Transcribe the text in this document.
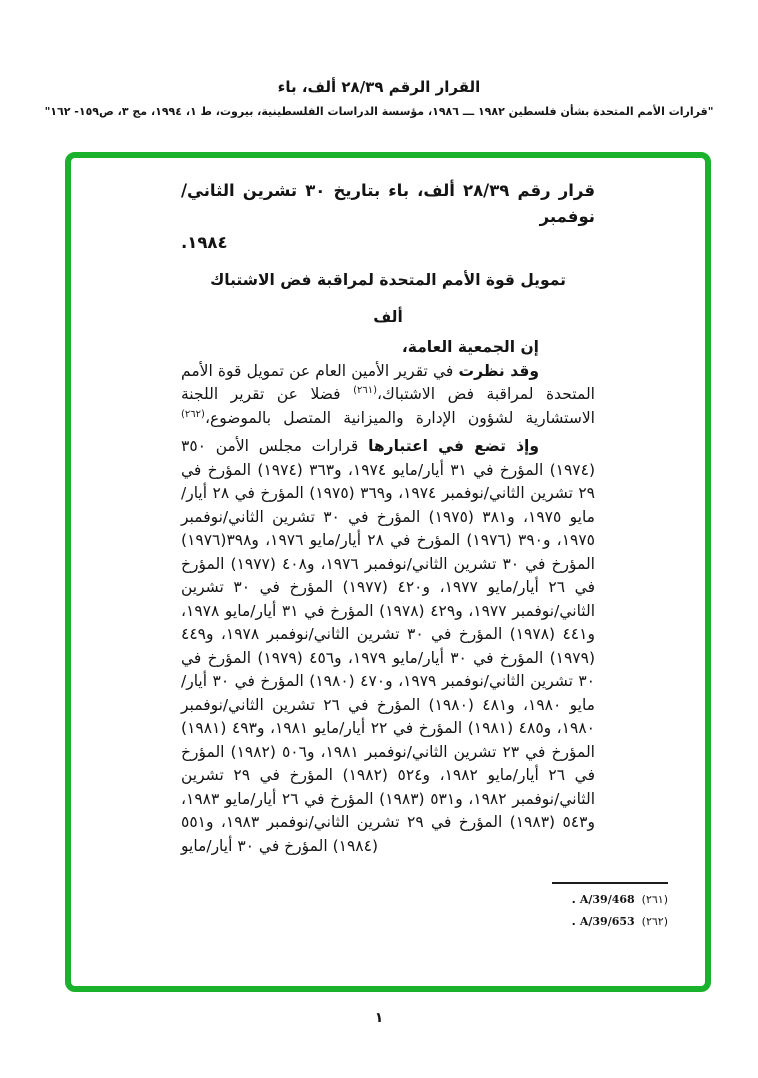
القرار الرقم ٢٨/٣٩ ألف، باء
"قرارات الأمم المتحدة بشأن فلسطين ١٩٨٢ ـــ ١٩٨٦، مؤسسة الدراسات الفلسطينية، بيروت، ط ١، ١٩٩٤، مج ٣، ص١٥٩- ١٦٢"
قرار رقم ٢٨/٣٩ ألف، باء بتاريخ ٣٠ تشرين الثاني/نوفمبر
١٩٨٤.
تمويل قوة الأمم المتحدة لمراقبة فض الاشتباك
ألف

إن الجمعية العامة،

وقد نظرت في تقرير الأمين العام عن تمويل قوة الأمم المتحدة لمراقبة فض الاشتباك،$^{(٢٦١)}$ فضلا عن تقرير اللجنة الاستشارية لشؤون الإدارة والميزانية المتصل بالموضوع،$^{(٢٦٢)}$

وإذ تضع في اعتبارها قرارات مجلس الأمن ٣٥٠ (١٩٧٤) المؤرخ في ٣١ أيار/مايو ١٩٧٤، و٣٦٣ (١٩٧٤) المؤرخ في ٢٩ تشرين الثاني/نوفمبر ١٩٧٤، و٣٦٩ (١٩٧٥) المؤرخ في ٢٨ أيار/مايو ١٩٧٥، و٣٨١ (١٩٧٥) المؤرخ في ٣٠ تشرين الثاني/نوفمبر ١٩٧٥، و٣٩٠ (١٩٧٦) المؤرخ في ٢٨ أيار/مايو ١٩٧٦، و٣٩٨(١٩٧٦) المؤرخ في ٣٠ تشرين الثاني/نوفمبر ١٩٧٦، و٤٠٨ (١٩٧٧) المؤرخ في ٢٦ أيار/مايو ١٩٧٧، و٤٢٠ (١٩٧٧) المؤرخ في ٣٠ تشرين الثاني/نوفمبر ١٩٧٧، و٤٢٩ (١٩٧٨) المؤرخ في ٣١ أيار/مايو ١٩٧٨، و٤٤١ (١٩٧٨) المؤرخ في ٣٠ تشرين الثاني/نوفمبر ١٩٧٨، و٤٤٩ (١٩٧٩) المؤرخ في ٣٠ أيار/مايو ١٩٧٩، و٤٥٦ (١٩٧٩) المؤرخ في ٣٠ تشرين الثاني/نوفمبر ١٩٧٩، و٤٧٠ (١٩٨٠) المؤرخ في ٣٠ أيار/مايو ١٩٨٠، و٤٨١ (١٩٨٠) المؤرخ في ٢٦ تشرين الثاني/نوفمبر ١٩٨٠، و٤٨٥ (١٩٨١) المؤرخ في ٢٢ أيار/مايو ١٩٨١، و٤٩٣ (١٩٨١) المؤرخ في ٢٣ تشرين الثاني/نوفمبر ١٩٨١، و٥٠٦ (١٩٨٢) المؤرخ في ٢٦ أيار/مايو ١٩٨٢، و٥٢٤ (١٩٨٢) المؤرخ في ٢٩ تشرين الثاني/نوفمبر ١٩٨٢، و٥٣١ (١٩٨٣) المؤرخ في ٢٦ أيار/مايو ١٩٨٣، و٥٤٣ (١٩٨٣) المؤرخ في ٢٩ تشرين الثاني/نوفمبر ١٩٨٣، و٥٥١ (١٩٨٤) المؤرخ في ٣٠ أيار/مايو

(٢٦١)A/39/468.
(٢٦٢)A/39/653.
١
